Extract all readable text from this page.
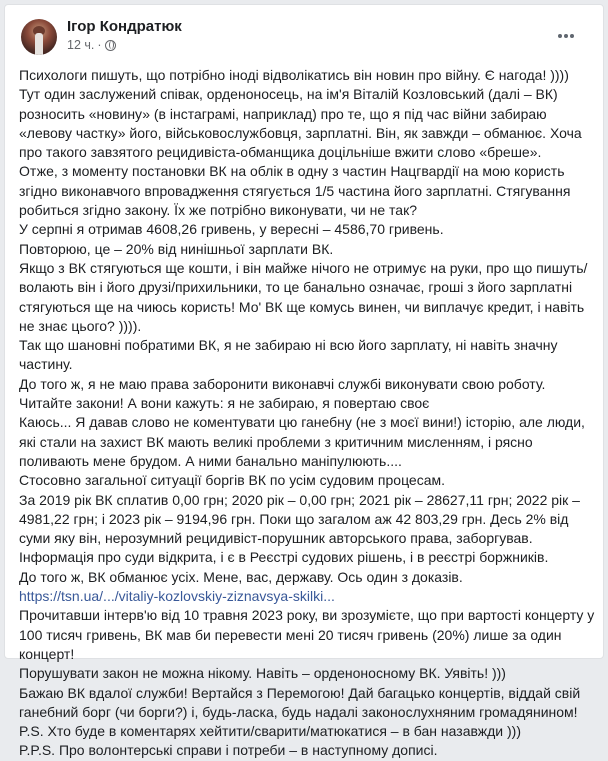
Ігор Кондратюк
12 ч. ·

Психологи пишуть, що потрібно іноді відволікатись він новин про війну. Є нагода! ))))

Тут один заслужений співак, орденоносець, на ім'я Віталій Козловський (далі – ВК) розносить «новину» (в інстаграмі, наприклад) про те, що я під час війни забираю «левову частку» його, військовослужбовця, зарплатні. Він, як завжди – обманює. Хоча про такого завзятого рецидивіста-обманщика доцільніше вжити слово «бреше».

Отже, з моменту постановки ВК на облік в одну з частин Нацгвардії на мою користь згідно виконавчого впровадження стягується 1/5 частина його зарплатні. Стягування робиться згідно закону. Їх же потрібно виконувати, чи не так?

У серпні я отримав 4608,26 гривень, у вересні – 4586,70 гривень.

Повторюю, це – 20% від нинішньої зарплати ВК.

Якщо з ВК стягуються ще кошти, і він майже нічого не отримує на руки, про що пишуть/волають він і його друзі/прихильники, то це банально означає, гроші з його зарплатні стягуються ще на чиюсь користь! Мо' ВК ще комусь винен, чи виплачує кредит, і навіть не знає цього? )))).

Так що шановні побратими ВК, я не забираю ні всю його зарплату, ні навіть значну частину.

До того ж, я не маю права заборонити виконавчі службі виконувати свою роботу. Читайте закони! А вони кажуть: я не забираю, я повертаю своє

Каюсь... Я давав слово не коментувати цю ганебну (не з моєї вини!) історію, але люди, які стали на захист ВК мають великі проблеми з критичним мисленням, і рясно поливають мене брудом. А ними банально маніпулюють....

Стосовно загальної ситуації боргів ВК по усім судовим процесам.

За 2019 рік ВК сплатив 0,00 грн; 2020 рік – 0,00 грн; 2021 рік – 28627,11 грн; 2022 рік – 4981,22 грн; і 2023 рік – 9194,96 грн. Поки що загалом аж 42 803,29 грн. Десь 2% від суми яку він, нерозумний рецидивіст-порушник авторського права, заборгував. Інформація про суди відкрита, і є в Реєстрі судових рішень, і в реєстрі боржників.

До того ж, ВК обманює усіх. Мене, вас, державу. Ось один з доказів.

https://tsn.ua/.../vitaliy-kozlovskiy-ziznavsya-skilki...

Прочитавши інтерв'ю від 10 травня 2023 року, ви зрозумієте, що при вартості концерту у 100 тисяч гривень, ВК мав би перевести мені 20 тисяч гривень (20%) лише за один концерт!

Порушувати закон не можна нікому. Навіть – орденоносному ВК. Уявіть! )))

Бажаю ВК вдалої служби! Вертайся з Перемогою! Дай багацько концертів, віддай свій ганебний борг (чи борги?) і, будь-ласка, будь надалі законослухняним громадянином!

P.S. Хто буде в коментарях хейтити/сварити/матюкатися – в бан назавжди )))

P.P.S. Про волонтерські справи і потреби – в наступному дописі.
